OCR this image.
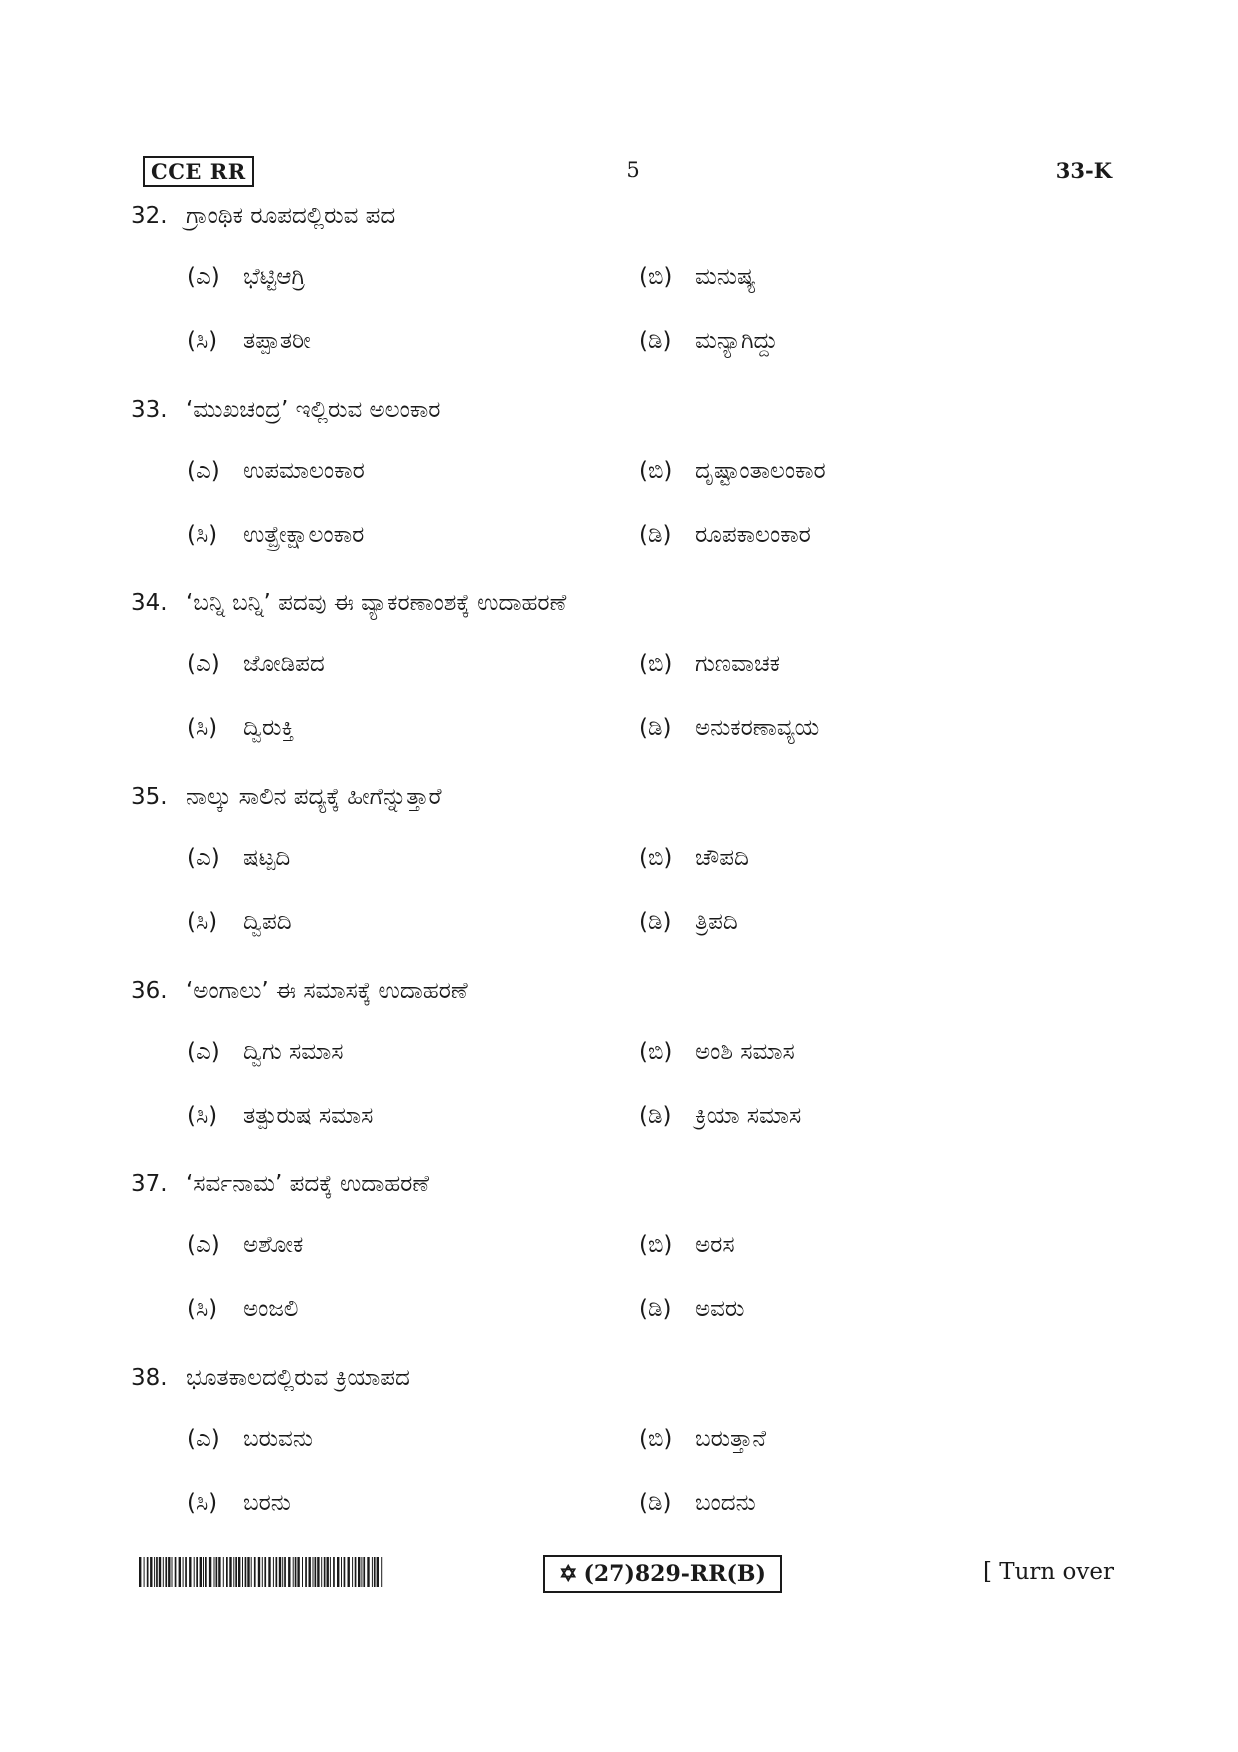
CCE RR	5	33-K
32. ಗ್ರಾಂಥಿಕ ರೂಪದಲ್ಲಿರುವ ಪದ
(ಎ) ಭೆಟ್ಟಿಆಗ್ರಿ	(ಬಿ) ಮನುಷ್ಯ
(ಸಿ) ತಪ್ಪಾತರೀ	(ಡಿ) ಮನ್ಯಾಗಿದ್ದು
33. ‘ಮುಖಚಂದ್ರ’ ಇಲ್ಲಿರುವ ಅಲಂಕಾರ
(ಎ) ಉಪಮಾಲಂಕಾರ	(ಬಿ) ದೃಷ್ಟಾಂತಾಲಂಕಾರ
(ಸಿ) ಉತ್ಪ್ರೇಕ್ಷಾಲಂಕಾರ	(ಡಿ) ರೂಪಕಾಲಂಕಾರ
34. ‘ಬನ್ನಿ ಬನ್ನಿ’ ಪದವು ಈ ವ್ಯಾಕರಣಾಂಶಕ್ಕೆ ಉದಾಹರಣೆ
(ಎ) ಜೋಡಿಪದ	(ಬಿ) ಗುಣವಾಚಕ
(ಸಿ) ದ್ವಿರುಕ್ತಿ	(ಡಿ) ಅನುಕರಣಾವ್ಯಯ
35. ನಾಲ್ಕು ಸಾಲಿನ ಪದ್ಯಕ್ಕೆ ಹೀಗೆನ್ನುತ್ತಾರೆ
(ಎ) ಷಟ್ಪದಿ	(ಬಿ) ಚೌಪದಿ
(ಸಿ) ದ್ವಿಪದಿ	(ಡಿ) ತ್ರಿಪದಿ
36. ‘ಅಂಗಾಲು’ ಈ ಸಮಾಸಕ್ಕೆ ಉದಾಹರಣೆ
(ಎ) ದ್ವಿಗು ಸಮಾಸ	(ಬಿ) ಅಂಶಿ ಸಮಾಸ
(ಸಿ) ತತ್ಪುರುಷ ಸಮಾಸ	(ಡಿ) ಕ್ರಿಯಾ ಸಮಾಸ
37. ‘ಸರ್ವನಾಮ’ ಪದಕ್ಕೆ ಉದಾಹರಣೆ
(ಎ) ಅಶೋಕ	(ಬಿ) ಅರಸ
(ಸಿ) ಅಂಜಲಿ	(ಡಿ) ಅವರು
38. ಭೂತಕಾಲದಲ್ಲಿರುವ ಕ್ರಿಯಾಪದ
(ಎ) ಬರುವನು	(ಬಿ) ಬರುತ್ತಾನೆ
(ಸಿ) ಬರನು	(ಡಿ) ಬಂದನು
✡ (27)829-RR(B)	[ Turn over
